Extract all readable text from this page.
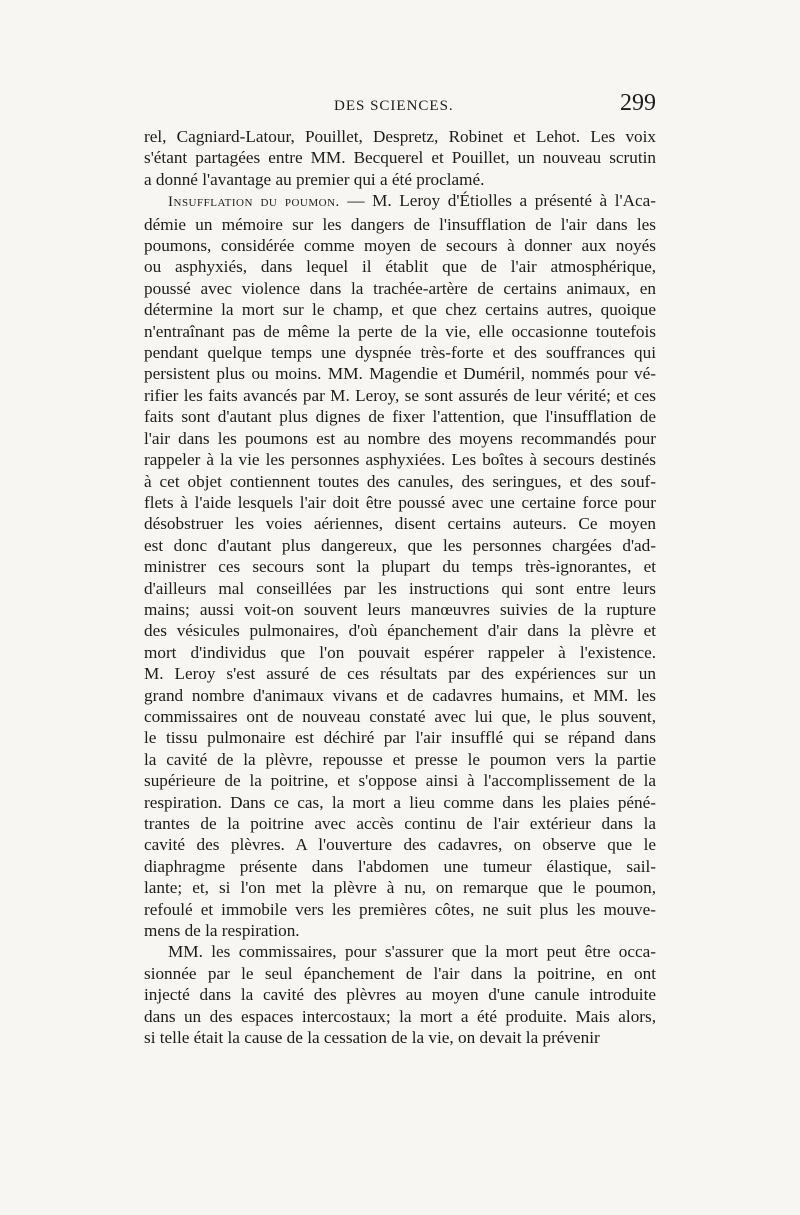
DES SCIENCES.	299
rel, Cagniard-Latour, Pouillet, Despretz, Robinet et Lehot. Les voix
s'étant partagées entre MM. Becquerel et Pouillet, un nouveau scrutin
a donné l'avantage au premier qui a été proclamé.
Insufflation du poumon. — M. Leroy d'Étiolles a présenté à l'Aca-
démie un mémoire sur les dangers de l'insufflation de l'air dans les
poumons, considérée comme moyen de secours à donner aux noyés
ou asphyxiés, dans lequel il établit que de l'air atmosphérique,
poussé avec violence dans la trachée-artère de certains animaux, en
détermine la mort sur le champ, et que chez certains autres, quoique
n'entraînant pas de même la perte de la vie, elle occasionne toutefois
pendant quelque temps une dyspnée très-forte et des souffrances qui
persistent plus ou moins. MM. Magendie et Duméril, nommés pour vé-
rifier les faits avancés par M. Leroy, se sont assurés de leur vérité; et ces
faits sont d'autant plus dignes de fixer l'attention, que l'insufflation de
l'air dans les poumons est au nombre des moyens recommandés pour
rappeler à la vie les personnes asphyxiées. Les boîtes à secours destinés
à cet objet contiennent toutes des canules, des seringues, et des souf-
flets à l'aide lesquels l'air doit être poussé avec une certaine force pour
désobstruer les voies aériennes, disent certains auteurs. Ce moyen
est donc d'autant plus dangereux, que les personnes chargées d'ad-
ministrer ces secours sont la plupart du temps très-ignorantes, et
d'ailleurs mal conseillées par les instructions qui sont entre leurs
mains; aussi voit-on souvent leurs manœuvres suivies de la rupture
des vésicules pulmonaires, d'où épanchement d'air dans la plèvre et
mort d'individus que l'on pouvait espérer rappeler à l'existence.
M. Leroy s'est assuré de ces résultats par des expériences sur un
grand nombre d'animaux vivans et de cadavres humains, et MM. les
commissaires ont de nouveau constaté avec lui que, le plus souvent,
le tissu pulmonaire est déchiré par l'air insufflé qui se répand dans
la cavité de la plèvre, repousse et presse le poumon vers la partie
supérieure de la poitrine, et s'oppose ainsi à l'accomplissement de la
respiration. Dans ce cas, la mort a lieu comme dans les plaies péné-
trantes de la poitrine avec accès continu de l'air extérieur dans la
cavité des plèvres. A l'ouverture des cadavres, on observe que le
diaphragme présente dans l'abdomen une tumeur élastique, sail-
lante; et, si l'on met la plèvre à nu, on remarque que le poumon,
refoulé et immobile vers les premières côtes, ne suit plus les mouve-
mens de la respiration.
MM. les commissaires, pour s'assurer que la mort peut être occa-
sionnée par le seul épanchement de l'air dans la poitrine, en ont
injecté dans la cavité des plèvres au moyen d'une canule introduite
dans un des espaces intercostaux; la mort a été produite. Mais alors,
si telle était la cause de la cessation de la vie, on devait la prévenir
